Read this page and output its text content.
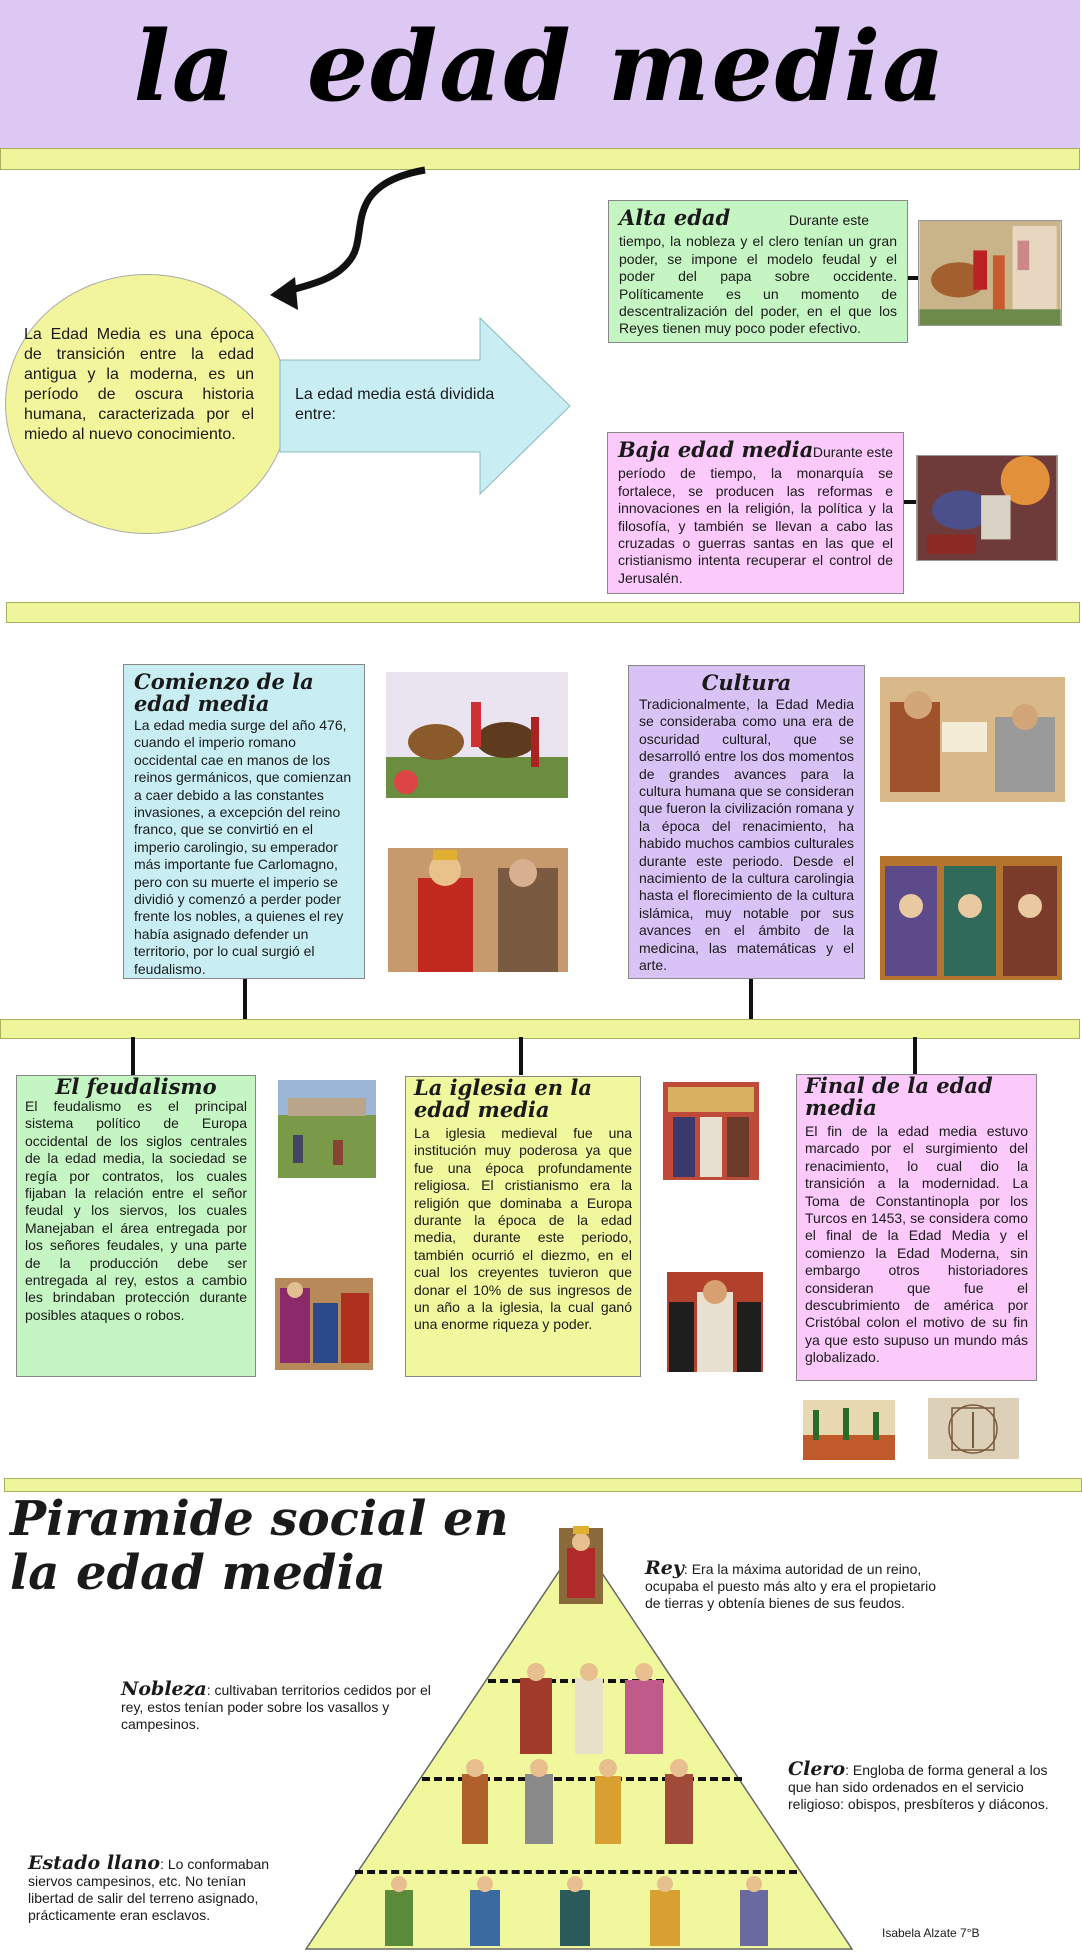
la  edad media
La Edad Media es una época de transición entre la edad antigua y la moderna, es un período de oscura historia humana, caracterizada por el miedo al nuevo conocimiento.
La edad media está dividida entre:
Alta edad	Durante este
tiempo, la nobleza y el clero tenían un gran poder, se impone el modelo feudal y el poder del papa sobre occidente. Políticamente es un momento de descentralización del poder, en el que los Reyes tienen muy poco poder efectivo.
Baja edad media Durante este
período de tiempo, la monarquía se fortalece, se producen las reformas e innovaciones en la religión, la política y la filosofía, y también se llevan a cabo las cruzadas o guerras santas en las que el cristianismo intenta recuperar el control de Jerusalén.
Comienzo de la edad media
La edad media surge del año 476, cuando el imperio romano occidental cae en manos de los reinos germánicos, que comienzan a caer debido a las constantes invasiones, a excepción del reino franco, que se convirtió en el imperio carolingio, su emperador más importante fue Carlomagno, pero con su muerte el imperio se dividió y comenzó a perder poder frente los nobles, a quienes el rey había asignado defender un territorio, por lo cual surgió el feudalismo.
Cultura
Tradicionalmente, la Edad Media se consideraba como una era de oscuridad cultural, que se desarrolló entre los dos momentos de grandes avances para la cultura humana que se consideran que fueron la civilización romana y la época del renacimiento, ha habido muchos cambios culturales durante este periodo. Desde el nacimiento de la cultura carolingia hasta el florecimiento de la cultura islámica, muy notable por sus avances en el ámbito de la medicina, las matemáticas y el arte.
El feudalismo
El feudalismo es el principal sistema político de Europa occidental de los siglos centrales de la edad media, la sociedad se regía por contratos, los cuales fijaban la relación entre el señor feudal y los siervos, los cuales Manejaban el área entregada por los señores feudales, y una parte de la producción debe ser entregada al rey, estos a cambio les brindaban protección durante posibles ataques o robos.
La iglesia en la edad media
La iglesia medieval fue una institución muy poderosa ya que fue una época profundamente religiosa. El cristianismo era la religión que dominaba a Europa durante la época de la edad media, durante este periodo, también ocurrió el diezmo, en el cual los creyentes tuvieron que donar el 10% de sus ingresos de un año a la iglesia, la cual ganó una enorme riqueza y poder.
Final de la edad media
El fin de la edad media estuvo marcado por el surgimiento del renacimiento, lo cual dio la transición a la modernidad. La Toma de Constantinopla por los Turcos en 1453, se considera como el final de la Edad Media y el comienzo la Edad Moderna, sin embargo otros historiadores consideran que fue el descubrimiento de américa por Cristóbal colon el motivo de su fin ya que esto supuso un mundo más globalizado.
Piramide social en
la edad media	Rey: Era la máxima autoridad de un reino, ocupaba el puesto más alto y era el propietario de tierras y obtenía bienes de sus feudos.
Nobleza: cultivaban territorios cedidos por el rey, estos tenían poder sobre los vasallos y campesinos.
Clero: Engloba de forma general a los que han sido ordenados en el servicio religioso: obispos, presbíteros y diáconos.
Estado llano: Lo conformaban siervos campesinos, etc. No tenían libertad de salir del terreno asignado, prácticamente eran esclavos.
Isabela Alzate 7°B
